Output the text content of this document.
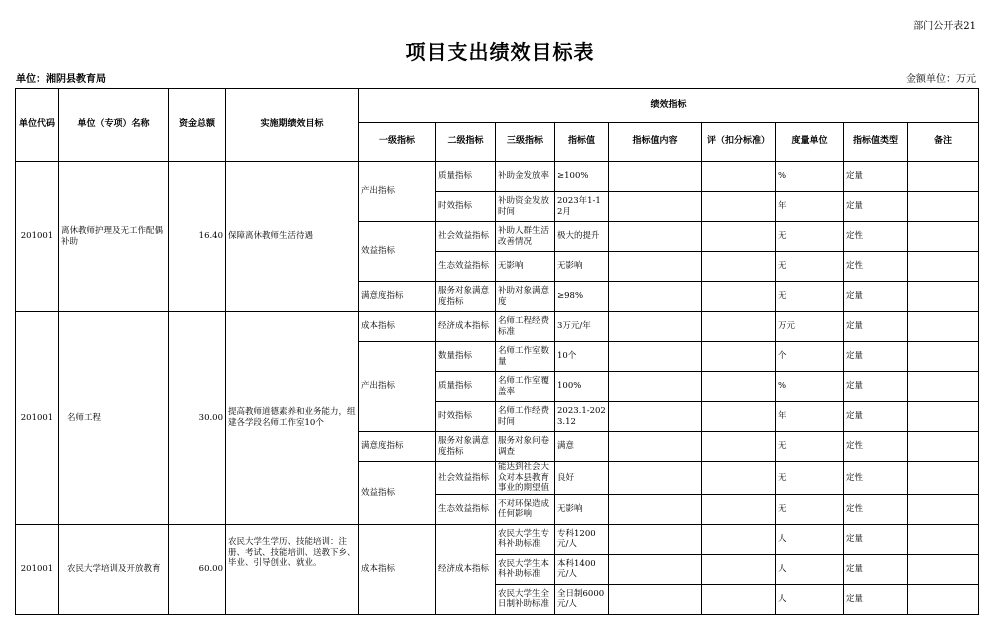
部门公开表21
项目支出绩效目标表
单位：湘阴县教育局	金额单位：万元
单位代码	单位（专项）名称	资金总额	实施期绩效目标	绩效指标								
				一级指标	二级指标	三级指标	指标值	指标值内容	评（扣分标准）	度量单位	指标值类型	备注
201001	离休教师护理及无工作配偶补助	16.40	保障离休教师生活待遇	产出指标	质量指标	补助金发放率	≥100%			%	定量	
					时效指标	补助资金发放时间	2023年1-12月			年	定量	
				效益指标	社会效益指标	补助人群生活改善情况	极大的提升			无	定性	
					生态效益指标	无影响	无影响			无	定性	
				满意度指标	服务对象满意度指标	补助对象满意度	≥98%			无	定量	
201001	名师工程	30.00	提高教师道德素养和业务能力，组建各学段名师工作室10个	成本指标	经济成本指标	名师工程经费标准	3万元/年			万元	定量	
				产出指标	数量指标	名师工作室数量	10个			个	定量	
					质量指标	名师工作室覆盖率	100%			%	定量	
					时效指标	名师工作经费时间	2023.1-2023.12			年	定量	
				满意度指标	服务对象满意度指标	服务对象问卷调查	满意			无	定性	
				效益指标	社会效益指标	能达到社会大众对本县教育事业的期望值	良好			无	定性	
					生态效益指标	不对环保造成任何影响	无影响			无	定性	
201001	农民大学培训及开放教育	60.00	农民大学生学历、技能培训：注册、考试、技能培训、送教下乡、毕业、引导创业、就业。	成本指标	经济成本指标	农民大学生专科补助标准	专科1200元/人			人	定量	
						农民大学生本科补助标准	本科1400元/人			人	定量	
						农民大学生全日制补助标准	全日制6000元/人			人	定量	
